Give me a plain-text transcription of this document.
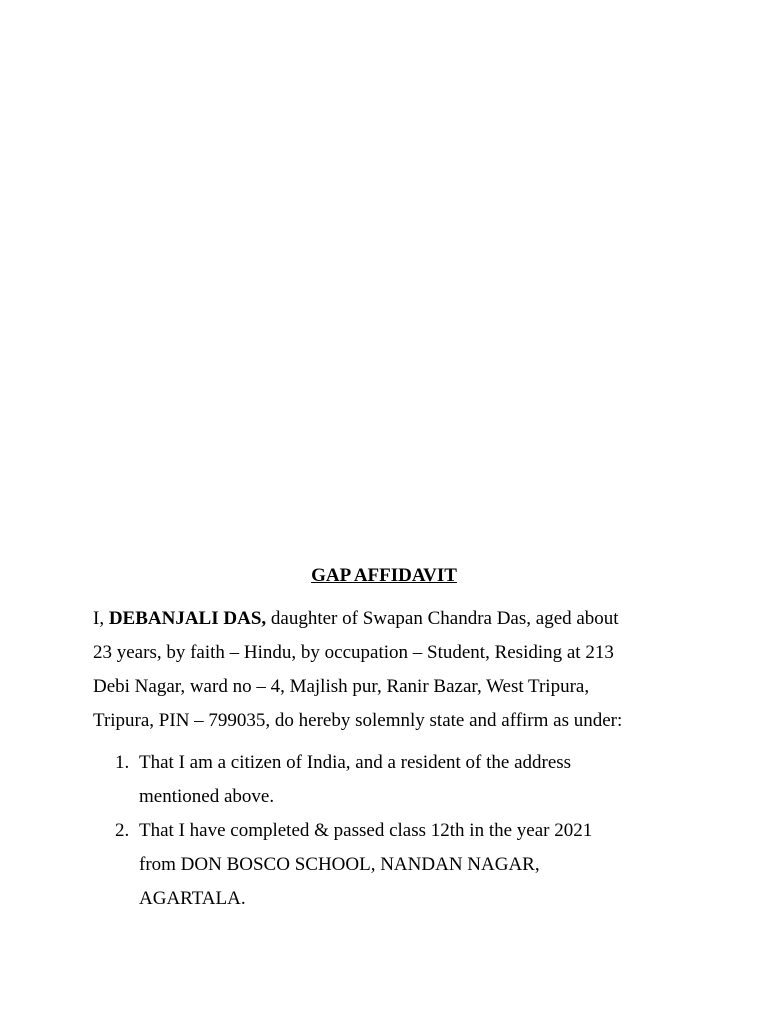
GAP AFFIDAVIT
I, DEBANJALI DAS, daughter of Swapan Chandra Das, aged about
23 years, by faith – Hindu, by occupation – Student, Residing at 213
Debi Nagar, ward no – 4, Majlish pur, Ranir Bazar, West Tripura,
Tripura, PIN – 799035, do hereby solemnly state and affirm as under:
1. That I am a citizen of India, and a resident of the address
mentioned above.
2. That I have completed & passed class 12th in the year 2021
from DON BOSCO SCHOOL, NANDAN NAGAR,
AGARTALA.
